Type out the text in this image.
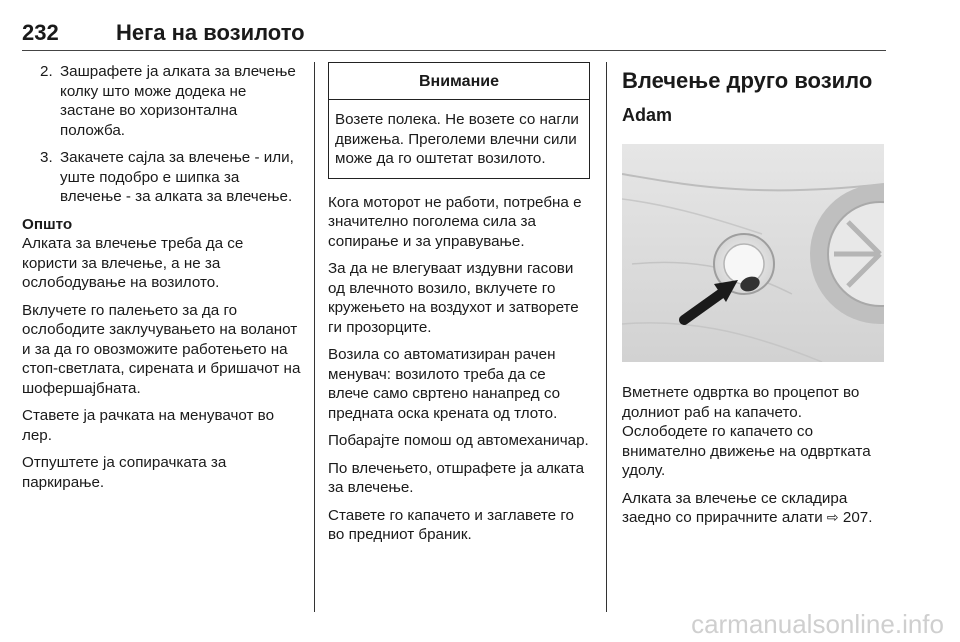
232	Нега на возилото
2. Зашрафете ја алката за влечење колку што може додека не застане во хоризонтална положба.
3. Закачете сајла за влечење - или, уште подобро е шипка за влечење - за алката за влечење.
Општо

Алката за влечење треба да се користи за влечење, а не за ослободување на возилото.

Вклучете го палењето за да го ослободите заклучувањето на воланот и за да го овозможите работењето на стоп-светлата, сирената и бришачот на шофершајбната.

Ставете ја рачката на менувачот во лер.

Отпуштете ја сопирачката за паркирање.

Внимание
Возете полека. Не возете со нагли движења. Преголеми влечни сили може да го оштетат возилото.

Кога моторот не работи, потребна е значително поголема сила за сопирање и за управување.

За да не влегуваат издувни гасови од влечното возило, вклучете го кружењето на воздухот и затворете ги прозорците.

Возила со автоматизиран рачен менувач: возилото треба да се влече само свртено нанапред со предната оска кренатa од тлото.

Побарајте помош од автомеханичар.

По влечењето, отшрафете ја алката за влечење.

Ставете го капачето и заглавете го во предниот браник.

Влечење друго возило
Adam

Вметнете одвртка во процепот во долниот раб на капачето. Ослободете го капачето со внимателно движење на одвртката удолу.

Алката за влечење се складира заедно со прирачните алати ⇨ 207.

carmanualsonline.info
